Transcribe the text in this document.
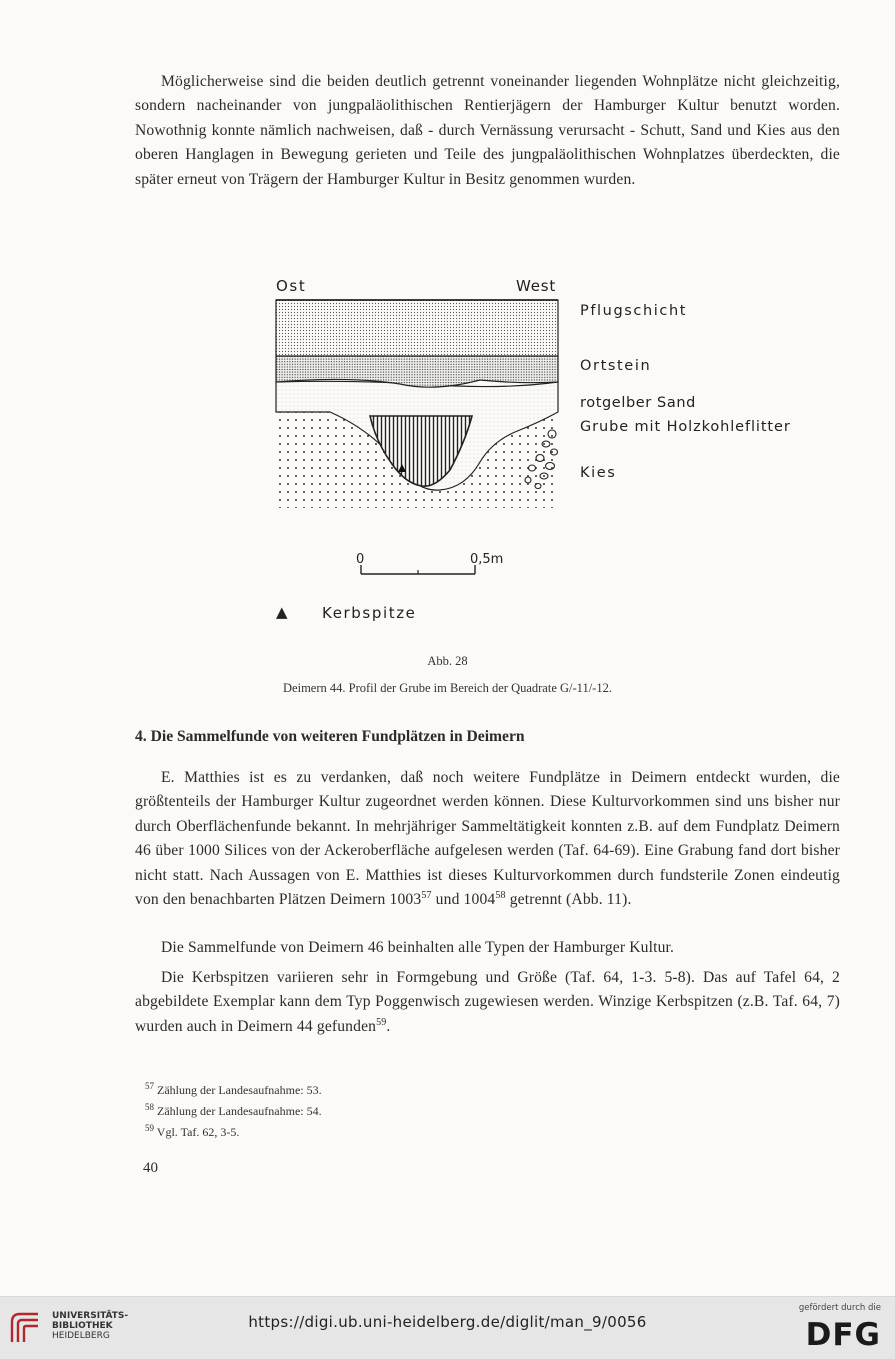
Möglicherweise sind die beiden deutlich getrennt voneinander liegenden Wohnplätze nicht gleichzeitig, sondern nacheinander von jungpaläolithischen Rentierjägern der Hamburger Kultur benutzt worden. Nowothnig konnte nämlich nachweisen, daß - durch Vernässung verursacht - Schutt, Sand und Kies aus den oberen Hanglagen in Bewegung gerieten und Teile des jungpaläolithischen Wohnplatzes überdeckten, die später erneut von Trägern der Hamburger Kultur in Besitz genommen wurden.

Ost	West
Pflugschicht
Ortstein
rotgelber Sand
Grube mit Holzkohleflitter
Kies
0	0,5m
▲ Kerbspitze
Abb. 28
Deimern 44. Profil der Grube im Bereich der Quadrate G/-11/-12.
4. Die Sammelfunde von weiteren Fundplätzen in Deimern

E. Matthies ist es zu verdanken, daß noch weitere Fundplätze in Deimern entdeckt wurden, die größtenteils der Hamburger Kultur zugeordnet werden können. Diese Kulturvorkommen sind uns bisher nur durch Oberflächenfunde bekannt. In mehrjähriger Sammeltätigkeit konnten z.B. auf dem Fundplatz Deimern 46 über 1000 Silices von der Ackeroberfläche aufgelesen werden (Taf. 64-69). Eine Grabung fand dort bisher nicht statt. Nach Aussagen von E. Matthies ist dieses Kulturvorkommen durch fundsterile Zonen eindeutig von den benachbarten Plätzen Deimern 1003$^{57}$ und 1004$^{58}$ getrennt (Abb. 11).

Die Sammelfunde von Deimern 46 beinhalten alle Typen der Hamburger Kultur.

Die Kerbspitzen variieren sehr in Formgebung und Größe (Taf. 64, 1-3. 5-8). Das auf Tafel 64, 2 abgebildete Exemplar kann dem Typ Poggenwisch zugewiesen werden. Winzige Kerbspitzen (z.B. Taf. 64, 7) wurden auch in Deimern 44 gefunden$^{59}$.

$^{57}$ Zählung der Landesaufnahme: 53.
$^{58}$ Zählung der Landesaufnahme: 54.
$^{59}$ Vgl. Taf. 62, 3-5.
40
UNIVERSITÄTS-
BIBLIOTHEK
HEIDELBERG
https://digi.ub.uni-heidelberg.de/diglit/man_9/0056
gefördert durch die
DFG
